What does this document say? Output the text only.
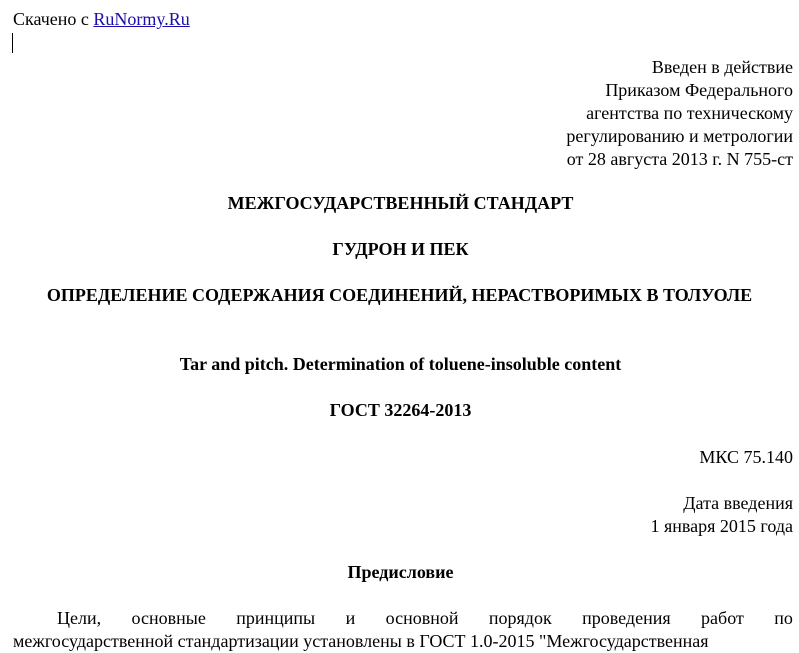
Скачено с RuNormy.Ru
Введен в действие
Приказом Федерального
агентства по техническому
регулированию и метрологии
от 28 августа 2013 г. N 755-ст
МЕЖГОСУДАРСТВЕННЫЙ СТАНДАРТ
ГУДРОН И ПЕК
ОПРЕДЕЛЕНИЕ СОДЕРЖАНИЯ СОЕДИНЕНИЙ, НЕРАСТВОРИМЫХ В ТОЛУОЛЕ
Tar and pitch. Determination of toluene-insoluble content
ГОСТ 32264-2013
МКС 75.140
Дата введения
1 января 2015 года
Предисловие
Цели, основные принципы и основной порядок проведения работ по
межгосударственной стандартизации установлены в ГОСТ 1.0-2015 "Межгосударственная
